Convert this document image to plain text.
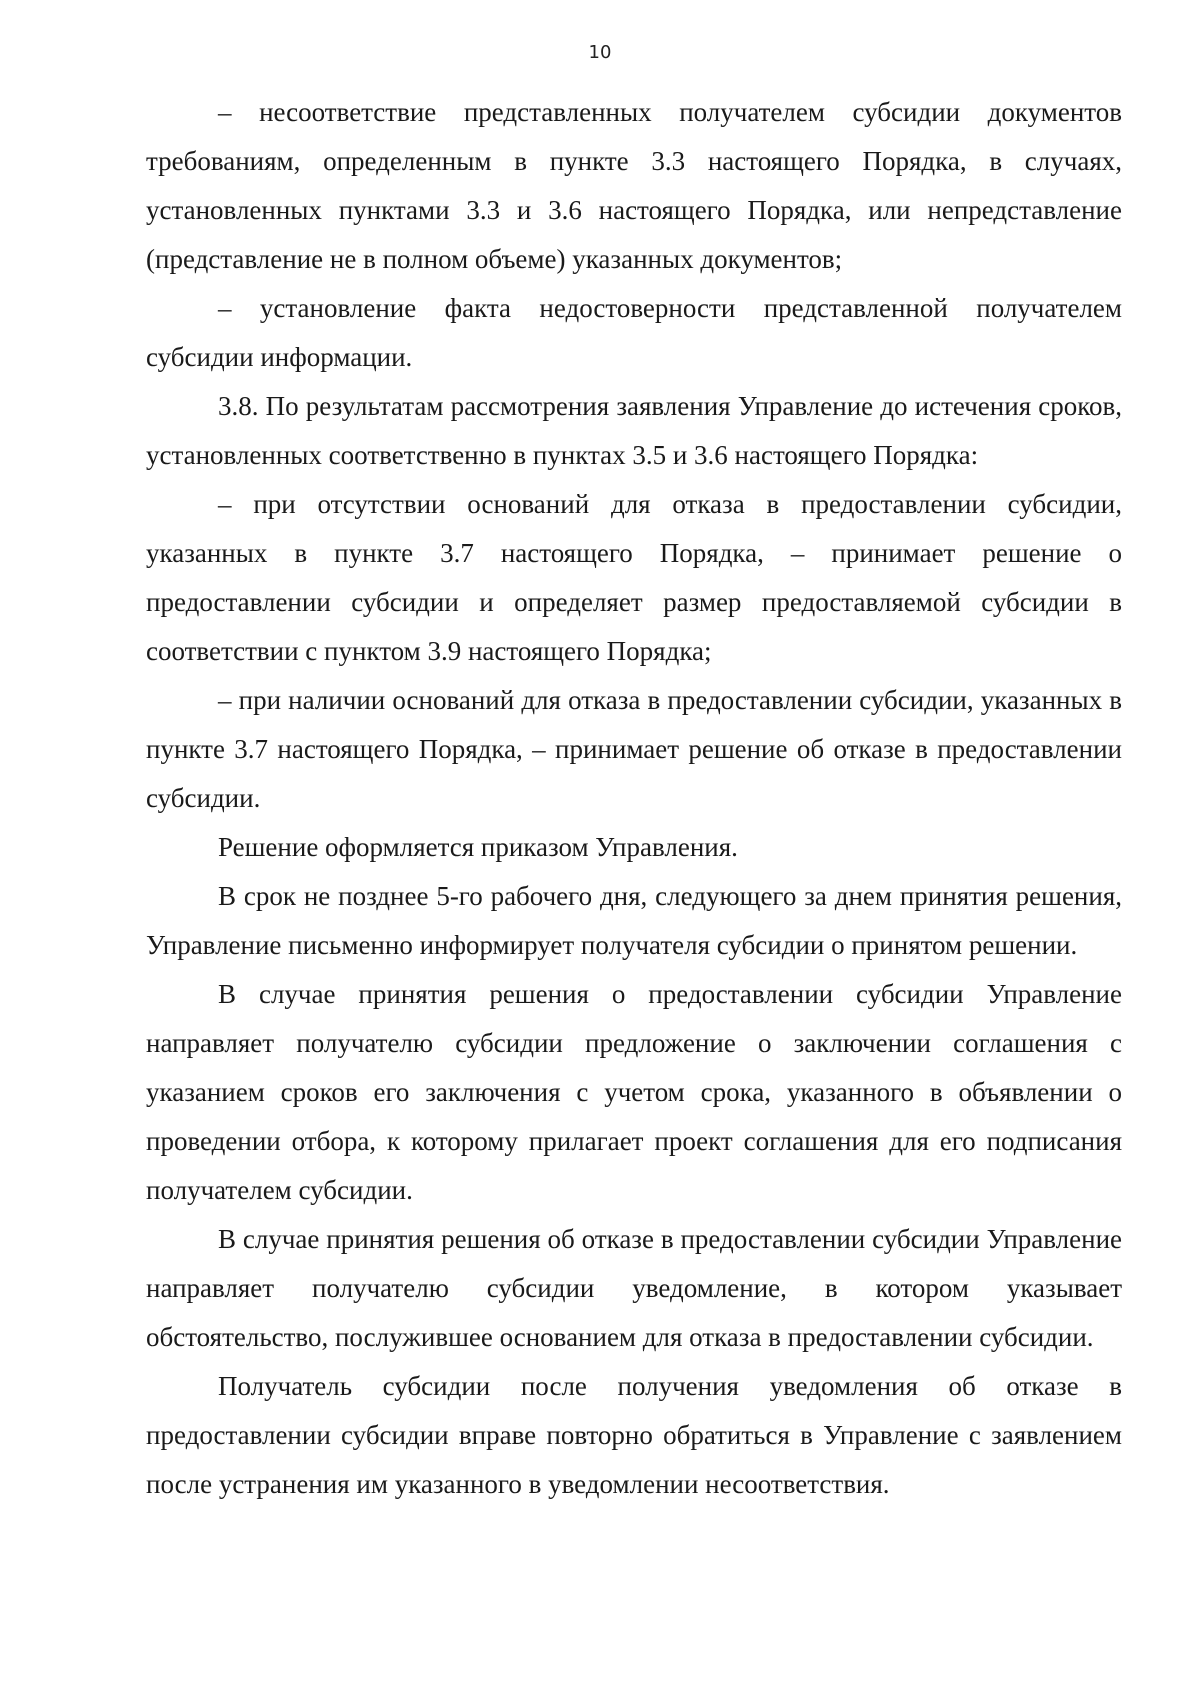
10

– несоответствие представленных получателем субсидии документов требованиям, определенным в пункте 3.3 настоящего Порядка, в случаях, установленных пунктами 3.3 и 3.6 настоящего Порядка, или непредставление (представление не в полном объеме) указанных документов;

– установление факта недостоверности представленной получателем субсидии информации.

3.8. По результатам рассмотрения заявления Управление до истечения сроков, установленных соответственно в пунктах 3.5 и 3.6 настоящего Порядка:

– при отсутствии оснований для отказа в предоставлении субсидии, указанных в пункте 3.7 настоящего Порядка, – принимает решение о предоставлении субсидии и определяет размер предоставляемой субсидии в соответствии с пунктом 3.9 настоящего Порядка;

– при наличии оснований для отказа в предоставлении субсидии, указанных в пункте 3.7 настоящего Порядка, – принимает решение об отказе в предоставлении субсидии.

Решение оформляется приказом Управления.

В срок не позднее 5-го рабочего дня, следующего за днем принятия решения, Управление письменно информирует получателя субсидии о принятом решении.

В случае принятия решения о предоставлении субсидии Управление направляет получателю субсидии предложение о заключении соглашения с указанием сроков его заключения с учетом срока, указанного в объявлении о проведении отбора, к которому прилагает проект соглашения для его подписания получателем субсидии.

В случае принятия решения об отказе в предоставлении субсидии Управление направляет получателю субсидии уведомление, в котором указывает обстоятельство, послужившее основанием для отказа в предоставлении субсидии.

Получатель субсидии после получения уведомления об отказе в предоставлении субсидии вправе повторно обратиться в Управление с заявлением после устранения им указанного в уведомлении несоответствия.
